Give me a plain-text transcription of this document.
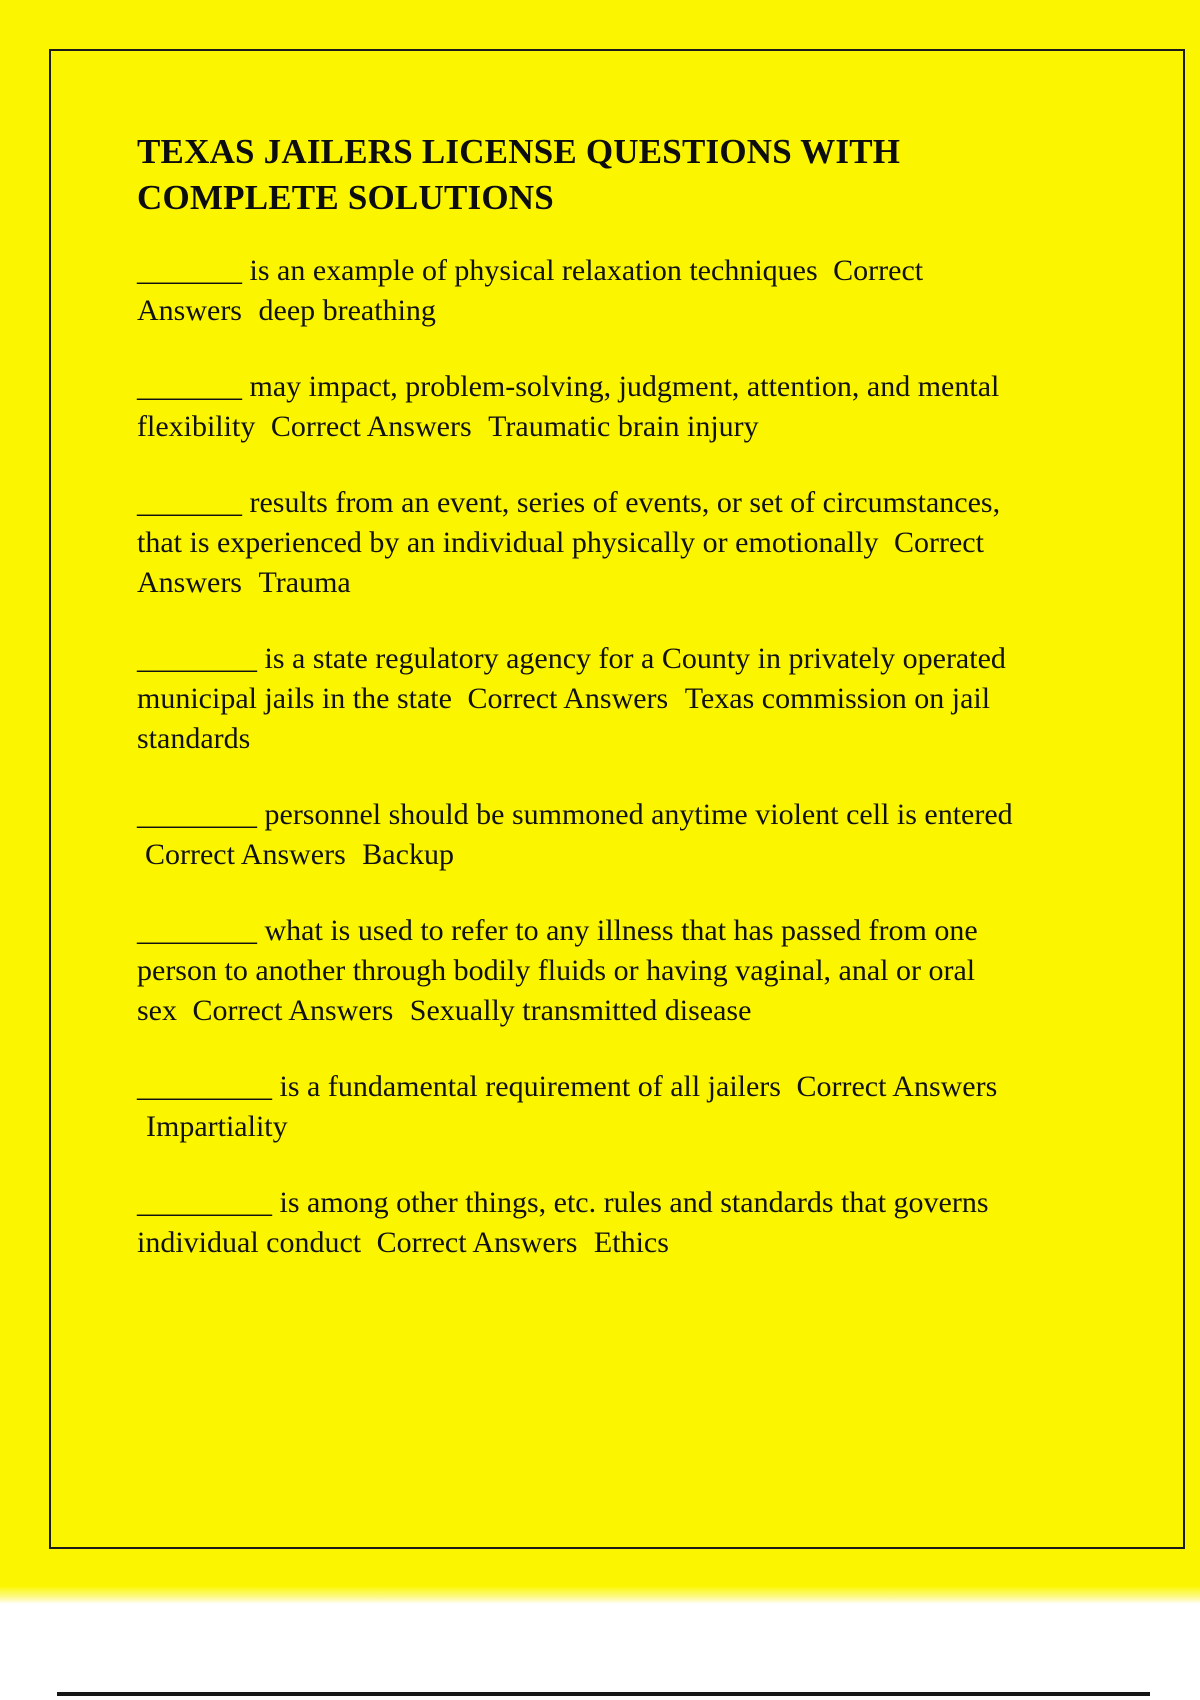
TEXAS JAILERS LICENSE QUESTIONS WITH COMPLETE SOLUTIONS

_______ is an example of physical relaxation techniques Correct Answers deep breathing

_______ may impact, problem-solving, judgment, attention, and mental flexibility Correct Answers Traumatic brain injury

_______ results from an event, series of events, or set of circumstances, that is experienced by an individual physically or emotionally Correct Answers Trauma

________ is a state regulatory agency for a County in privately operated municipal jails in the state Correct Answers Texas commission on jail standards

________ personnel should be summoned anytime violent cell is entered Correct Answers Backup

________ what is used to refer to any illness that has passed from one person to another through bodily fluids or having vaginal, anal or oral sex Correct Answers Sexually transmitted disease

_________ is a fundamental requirement of all jailers Correct Answers Impartiality

_________ is among other things, etc. rules and standards that governs individual conduct Correct Answers Ethics
